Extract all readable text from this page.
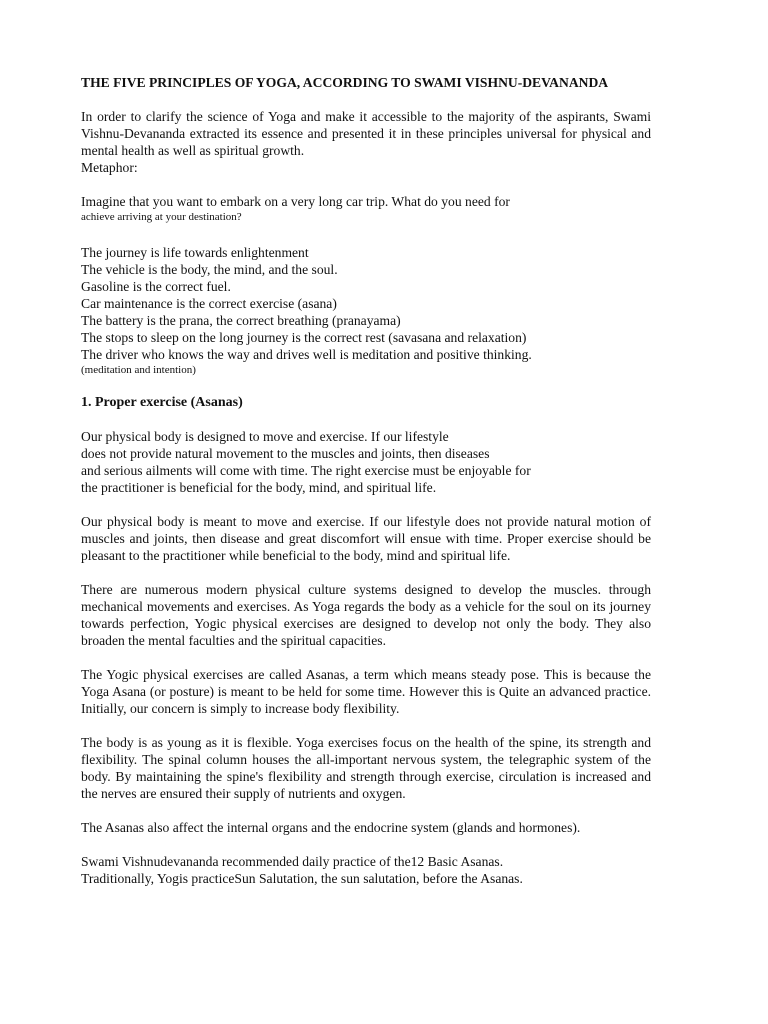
THE FIVE PRINCIPLES OF YOGA, ACCORDING TO SWAMI VISHNU-DEVANANDA

In order to clarify the science of Yoga and make it accessible to the majority of the aspirants, Swami Vishnu-Devananda extracted its essence and presented it in these principles universal for physical and mental health as well as spiritual growth.

Metaphor:

Imagine that you want to embark on a very long car trip. What do you need for

achieve arriving at your destination?

The journey is life towards enlightenment
The vehicle is the body, the mind, and the soul.
Gasoline is the correct fuel.
Car maintenance is the correct exercise (asana)
The battery is the prana, the correct breathing (pranayama)
The stops to sleep on the long journey is the correct rest (savasana and relaxation)
The driver who knows the way and drives well is meditation and positive thinking.
(meditation and intention)
1. Proper exercise (Asanas)
Our physical body is designed to move and exercise. If our lifestyle
does not provide natural movement to the muscles and joints, then diseases
and serious ailments will come with time. The right exercise must be enjoyable for
the practitioner is beneficial for the body, mind, and spiritual life.

Our physical body is meant to move and exercise. If our lifestyle does not provide natural motion of muscles and joints, then disease and great discomfort will ensue with time. Proper exercise should be pleasant to the practitioner while beneficial to the body, mind and spiritual life.

There are numerous modern physical culture systems designed to develop the muscles. through mechanical movements and exercises. As Yoga regards the body as a vehicle for the soul on its journey towards perfection, Yogic physical exercises are designed to develop not only the body. They also broaden the mental faculties and the spiritual capacities.

The Yogic physical exercises are called Asanas, a term which means steady pose. This is because the Yoga Asana (or posture) is meant to be held for some time. However this is Quite an advanced practice. Initially, our concern is simply to increase body flexibility.

The body is as young as it is flexible. Yoga exercises focus on the health of the spine, its strength and flexibility. The spinal column houses the all-important nervous system, the telegraphic system of the body. By maintaining the spine's flexibility and strength through exercise, circulation is increased and the nerves are ensured their supply of nutrients and oxygen.

The Asanas also affect the internal organs and the endocrine system (glands and hormones).

Swami Vishnudevananda recommended daily practice of the12 Basic Asanas.
Traditionally, Yogis practiceSun Salutation, the sun salutation, before the Asanas.
